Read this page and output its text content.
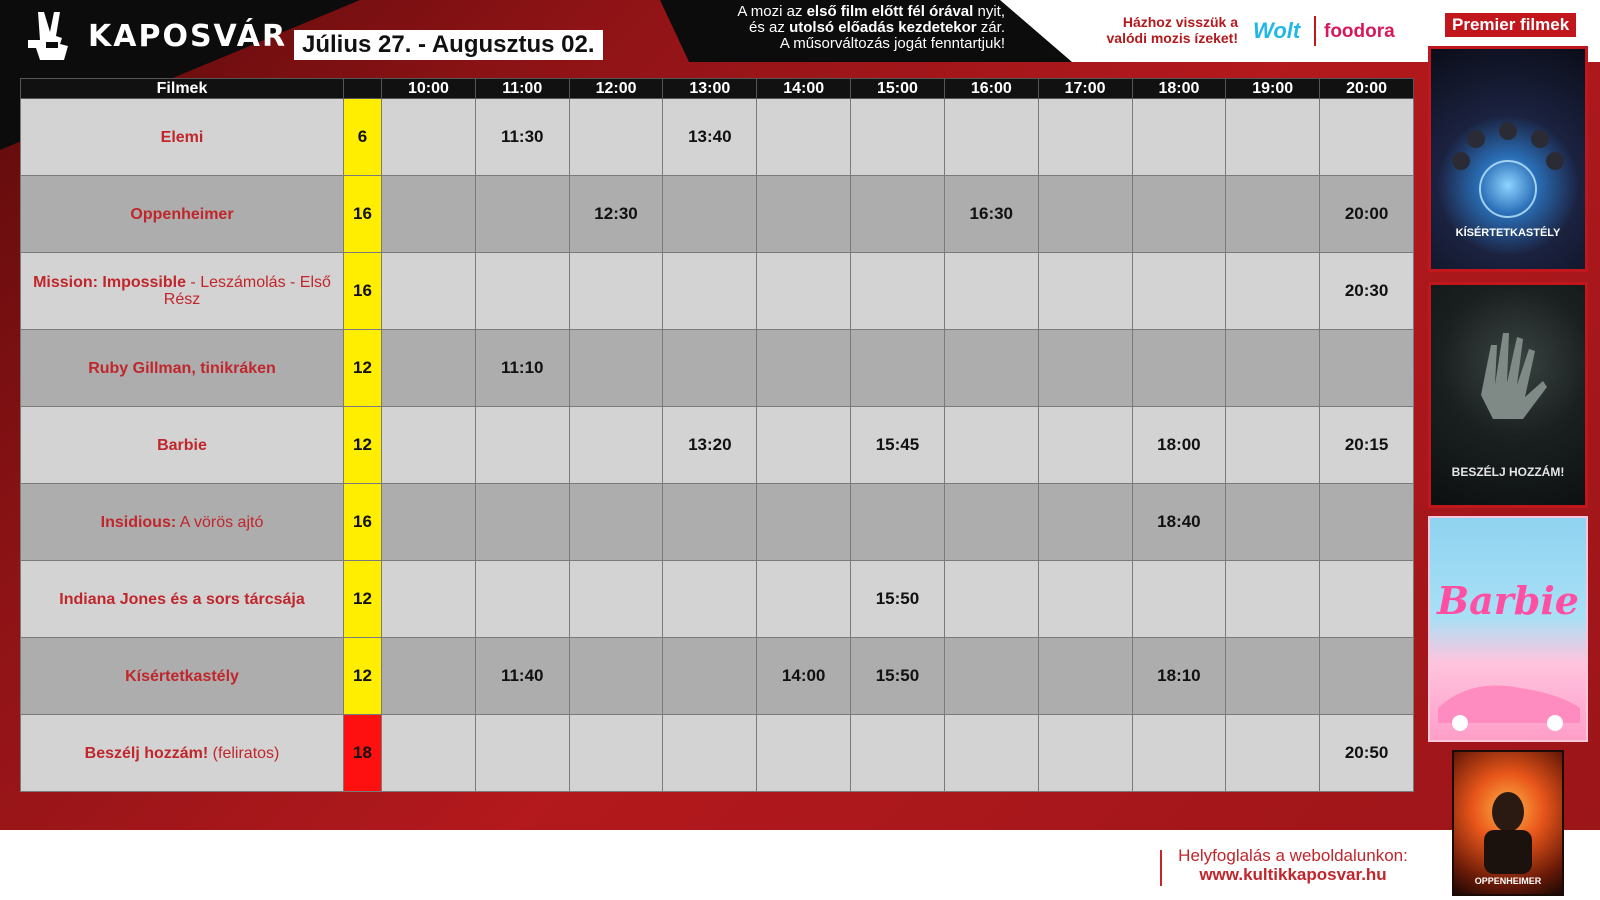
KAPOSVÁR Július 27. - Augusztus 02.
A mozi az első film előtt fél órával nyit,
és az utolsó előadás kezdetekor zár.
A műsorváltozás jogát fenntartjuk!
Házhoz visszük a
valódi mozis ízeket! Wolt foodora	Premier filmek
KÍSÉRTETKASTÉLY
BESZÉLJ HOZZÁM!
Barbie
OPPENHEIMER
Filmek		10:00	11:00	12:00	13:00	14:00	15:00	16:00	17:00	18:00	19:00	20:00
Elemi	6		11:30		13:40							
Oppenheimer	16			12:30				16:30				20:00
Mission: Impossible - Leszámolás - Első Rész	16											20:30
Ruby Gillman, tinikráken	12		11:10									
Barbie	12				13:20		15:45			18:00		20:15
Insidious: A vörös ajtó	16									18:40		
Indiana Jones és a sors tárcsája	12						15:50					
Kísértetkastély	12		11:40			14:00	15:50			18:10		
Beszélj hozzám! (feliratos)	18											20:50
Helyfoglalás a weboldalunkon:
www.kultikkaposvar.hu
